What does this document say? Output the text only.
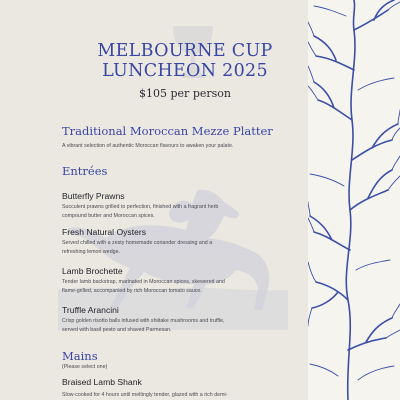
MELBOURNE CUP
LUNCHEON 2025
$105 per person
Traditional Moroccan Mezze Platter
A vibrant selection of authentic Moroccan flavours to awaken your palate.
Entrées
Butterfly Prawns
Succulent prawns grilled to perfection, finished with a fragrant herb
compound butter and Moroccan spices.
Fresh Natural Oysters
Served chilled with a zesty homemade coriander dressing and a
refreshing lemon wedge.
Lamb Brochette
Tender lamb backstrap, marinated in Moroccan spices, skewered and
flame-grilled, accompanied by rich Moroccan tomato sauce.
Truffle Arancini
Crisp golden risotto balls infused with shiitake mushrooms and truffle,
served with basil pesto and shaved Parmesan.
Mains
(Please select one)
Braised Lamb Shank
Slow-cooked for 4 hours until meltingly tender, glazed with a rich demi-
